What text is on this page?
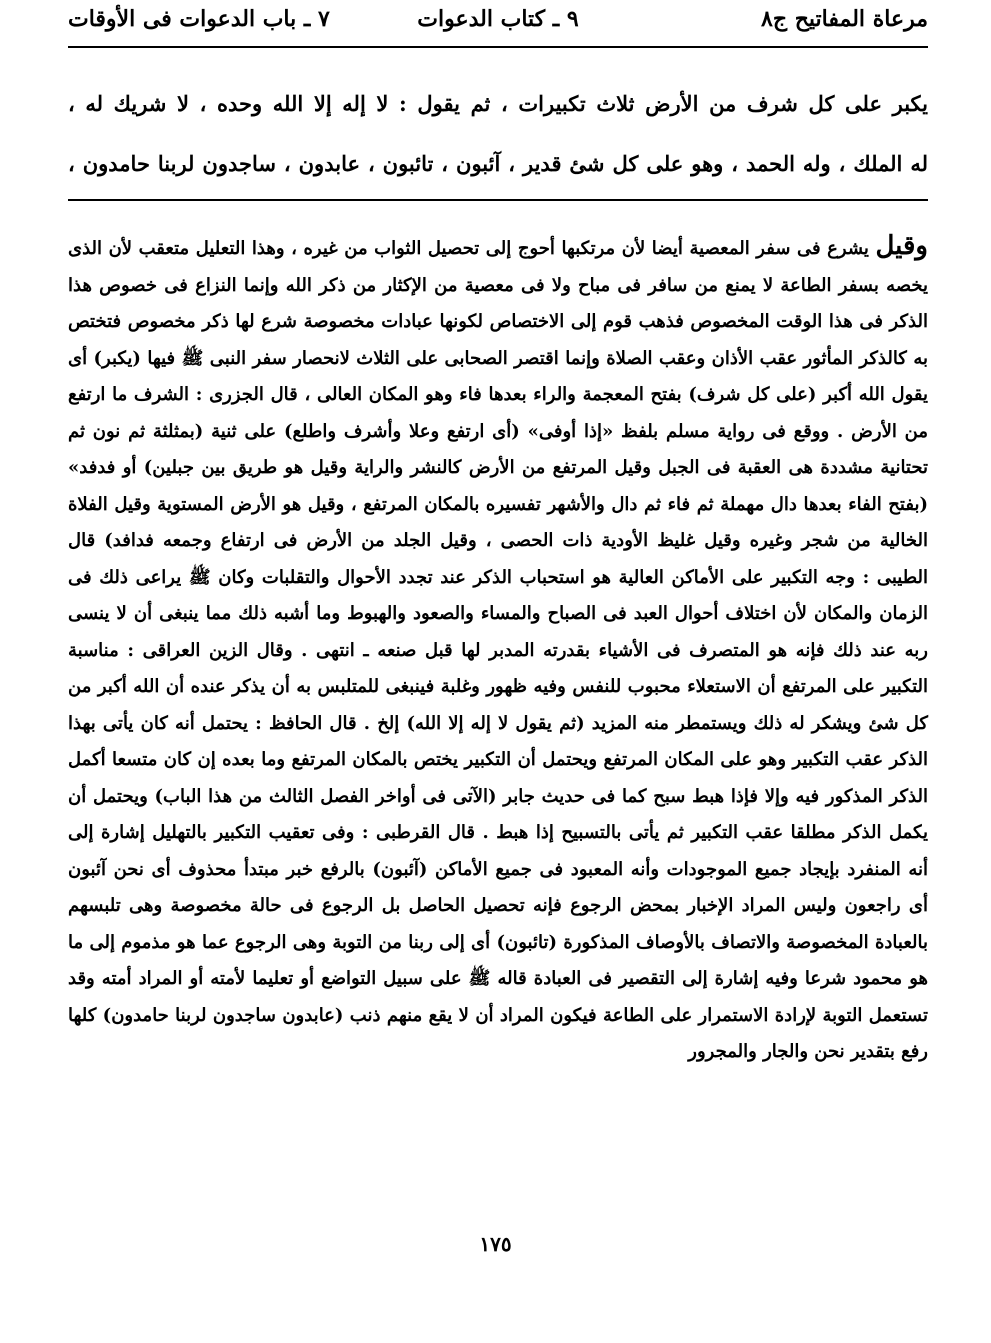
مرعاة المفاتيح ج٨
٩ ـ كتاب الدعوات
٧ ـ باب الدعوات فى الأوقات

يكبر على كل شرف من الأرض ثلاث تكبيرات ، ثم يقول : لا إله إلا الله وحده ، لا شريك له ،

له الملك ، وله الحمد ، وهو على كل شئ قدير ، آئبون ، تائبون ، عابدون ، ساجدون لربنا حامدون ،

وقيل يشرع فى سفر المعصية أيضا لأن مرتكبها أحوج إلى تحصيل الثواب من غيره ، وهذا التعليل متعقب لأن الذى يخصه بسفر الطاعة لا يمنع من سافر فى مباح ولا فى معصية من الإكثار من ذكر الله وإنما النزاع فى خصوص هذا الذكر فى هذا الوقت المخصوص فذهب قوم إلى الاختصاص لكونها عبادات مخصوصة شرع لها ذكر مخصوص فتختص به كالذكر المأثور عقب الأذان وعقب الصلاة وإنما اقتصر الصحابى على الثلاث لانحصار سفر النبى ﷺ فيها (يكبر) أى يقول الله أكبر (على كل شرف) بفتح المعجمة والراء بعدها فاء وهو المكان العالى ، قال الجزرى : الشرف ما ارتفع من الأرض . ووقع فى رواية مسلم بلفظ «إذا أوفى» (أى ارتفع وعلا وأشرف واطلع) على ثنية (بمثلثة ثم نون ثم تحتانية مشددة هى العقبة فى الجبل وقيل المرتفع من الأرض كالنشر والراية وقيل هو طريق بين جبلين) أو فدفد» (بفتح الفاء بعدها دال مهملة ثم فاء ثم دال والأشهر تفسيره بالمكان المرتفع ، وقيل هو الأرض المستوية وقيل الفلاة الخالية من شجر وغيره وقيل غليظ الأودية ذات الحصى ، وقيل الجلد من الأرض فى ارتفاع وجمعه فدافد) قال الطيبى : وجه التكبير على الأماكن العالية هو استحباب الذكر عند تجدد الأحوال والتقلبات وكان ﷺ يراعى ذلك فى الزمان والمكان لأن اختلاف أحوال العبد فى الصباح والمساء والصعود والهبوط وما أشبه ذلك مما ينبغى أن لا ينسى ربه عند ذلك فإنه هو المتصرف فى الأشياء بقدرته المدبر لها قبل صنعه ـ انتهى . وقال الزين العراقى : مناسبة التكبير على المرتفع أن الاستعلاء محبوب للنفس وفيه ظهور وغلبة فينبغى للمتلبس به أن يذكر عنده أن الله أكبر من كل شئ ويشكر له ذلك ويستمطر منه المزيد (ثم يقول لا إله إلا الله) إلخ . قال الحافظ : يحتمل أنه كان يأتى بهذا الذكر عقب التكبير وهو على المكان المرتفع ويحتمل أن التكبير يختص بالمكان المرتفع وما بعده إن كان متسعا أكمل الذكر المذكور فيه وإلا فإذا هبط سبح كما فى حديث جابر (الآتى فى أواخر الفصل الثالث من هذا الباب) ويحتمل أن يكمل الذكر مطلقا عقب التكبير ثم يأتى بالتسبيح إذا هبط . قال القرطبى : وفى تعقيب التكبير بالتهليل إشارة إلى أنه المنفرد بإيجاد جميع الموجودات وأنه المعبود فى جميع الأماكن (آئبون) بالرفع خبر مبتدأ محذوف أى نحن آئبون أى راجعون وليس المراد الإخبار بمحض الرجوع فإنه تحصيل الحاصل بل الرجوع فى حالة مخصوصة وهى تلبسهم بالعبادة المخصوصة والاتصاف بالأوصاف المذكورة (تائبون) أى إلى ربنا من التوبة وهى الرجوع عما هو مذموم إلى ما هو محمود شرعا وفيه إشارة إلى التقصير فى العبادة قاله ﷺ على سبيل التواضع أو تعليما لأمته أو المراد أمته وقد تستعمل التوبة لإرادة الاستمرار على الطاعة فيكون المراد أن لا يقع منهم ذنب (عابدون ساجدون لربنا حامدون) كلها رفع بتقدير نحن والجار والمجرور

١٧٥
